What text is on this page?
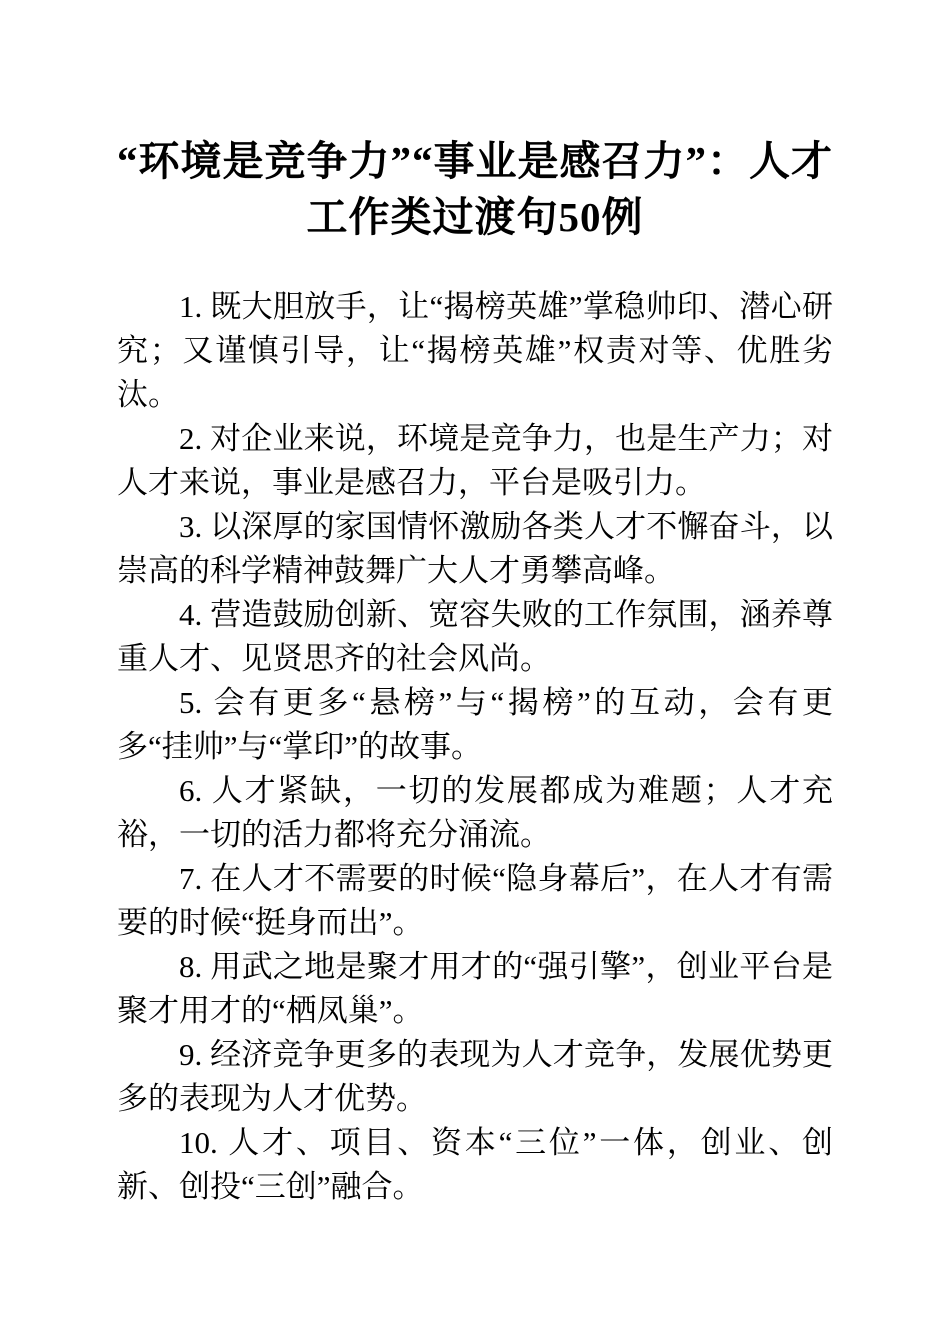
“环境是竞争力”“事业是感召力”：人才工作类过渡句50例

1. 既大胆放手，让“揭榜英雄”掌稳帅印、潜心研究；又谨慎引导，让“揭榜英雄”权责对等、优胜劣汰。

2. 对企业来说，环境是竞争力，也是生产力；对人才来说，事业是感召力，平台是吸引力。

3. 以深厚的家国情怀激励各类人才不懈奋斗，以崇高的科学精神鼓舞广大人才勇攀高峰。

4. 营造鼓励创新、宽容失败的工作氛围，涵养尊重人才、见贤思齐的社会风尚。

5. 会有更多“悬榜”与“揭榜”的互动，会有更多“挂帅”与“掌印”的故事。

6. 人才紧缺，一切的发展都成为难题；人才充裕，一切的活力都将充分涌流。

7. 在人才不需要的时候“隐身幕后”，在人才有需要的时候“挺身而出”。

8. 用武之地是聚才用才的“强引擎”，创业平台是聚才用才的“栖凤巢”。

9. 经济竞争更多的表现为人才竞争，发展优势更多的表现为人才优势。

10. 人才、项目、资本“三位”一体，创业、创新、创投“三创”融合。
